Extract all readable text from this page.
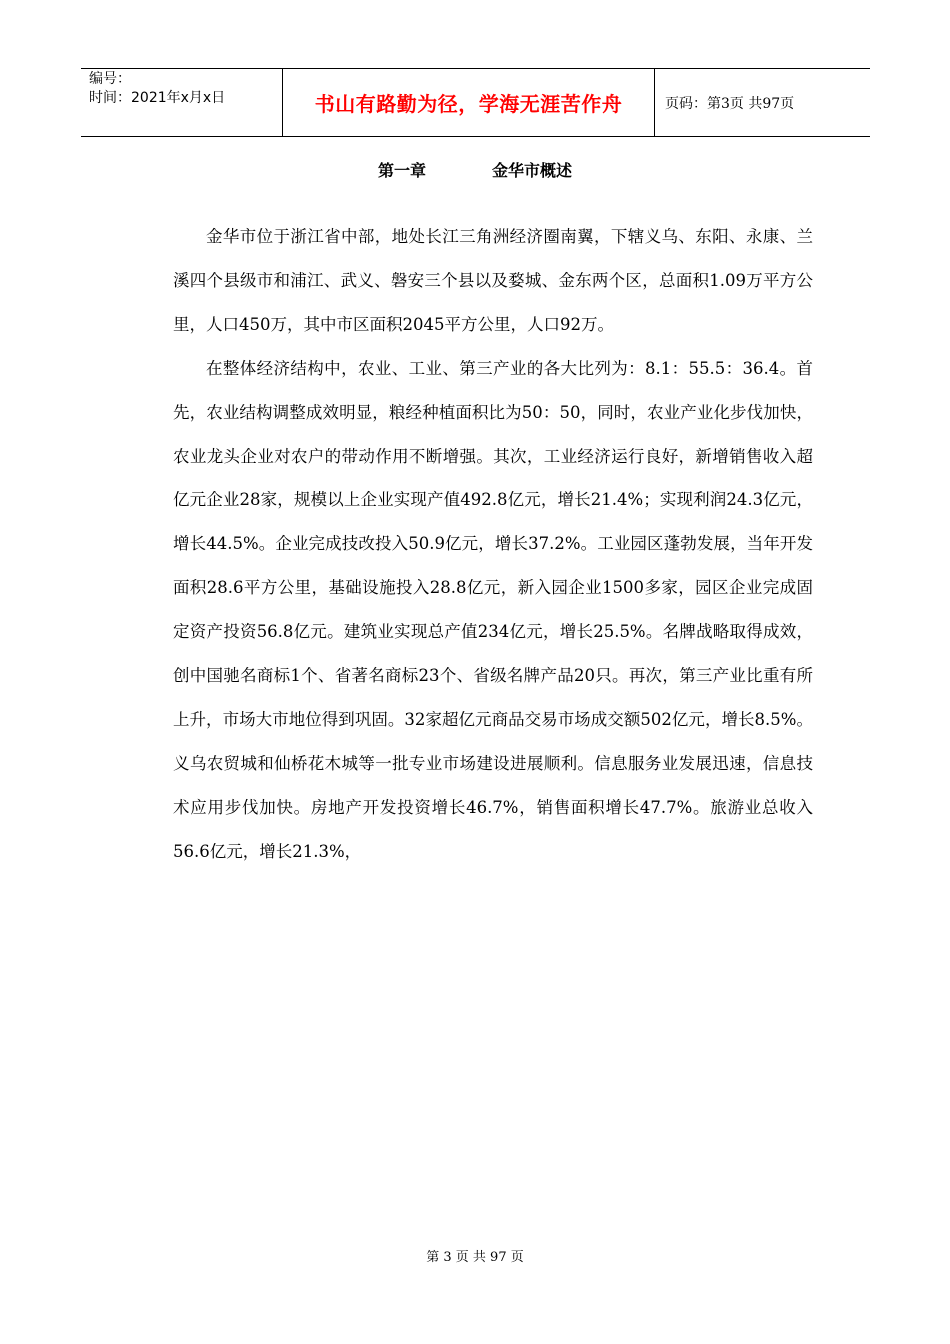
编号：
时间：2021年x月x日	书山有路勤为径，学海无涯苦作舟	页码：第3页 共97页
第一章	金华市概述

金华市位于浙江省中部，地处长江三角洲经济圈南翼，下辖义乌、东阳、永康、兰溪四个县级市和浦江、武义、磐安三个县以及婺城、金东两个区，总面积1.09万平方公里，人口450万，其中市区面积2045平方公里，人口92万。

在整体经济结构中，农业、工业、第三产业的各大比列为：8.1：55.5：36.4。首先，农业结构调整成效明显，粮经种植面积比为50：50，同时，农业产业化步伐加快，农业龙头企业对农户的带动作用不断增强。其次，工业经济运行良好，新增销售收入超亿元企业28家，规模以上企业实现产值492.8亿元，增长21.4%；实现利润24.3亿元，增长44.5%。企业完成技改投入50.9亿元，增长37.2%。工业园区蓬勃发展，当年开发面积28.6平方公里，基础设施投入28.8亿元，新入园企业1500多家，园区企业完成固定资产投资56.8亿元。建筑业实现总产值234亿元，增长25.5%。名牌战略取得成效，创中国驰名商标1个、省著名商标23个、省级名牌产品20只。再次，第三产业比重有所上升，市场大市地位得到巩固。32家超亿元商品交易市场成交额502亿元，增长8.5%。义乌农贸城和仙桥花木城等一批专业市场建设进展顺利。信息服务业发展迅速，信息技术应用步伐加快。房地产开发投资增长46.7%，销售面积增长47.7%。旅游业总收入56.6亿元，增长21.3%，

第 3 页 共 97 页
